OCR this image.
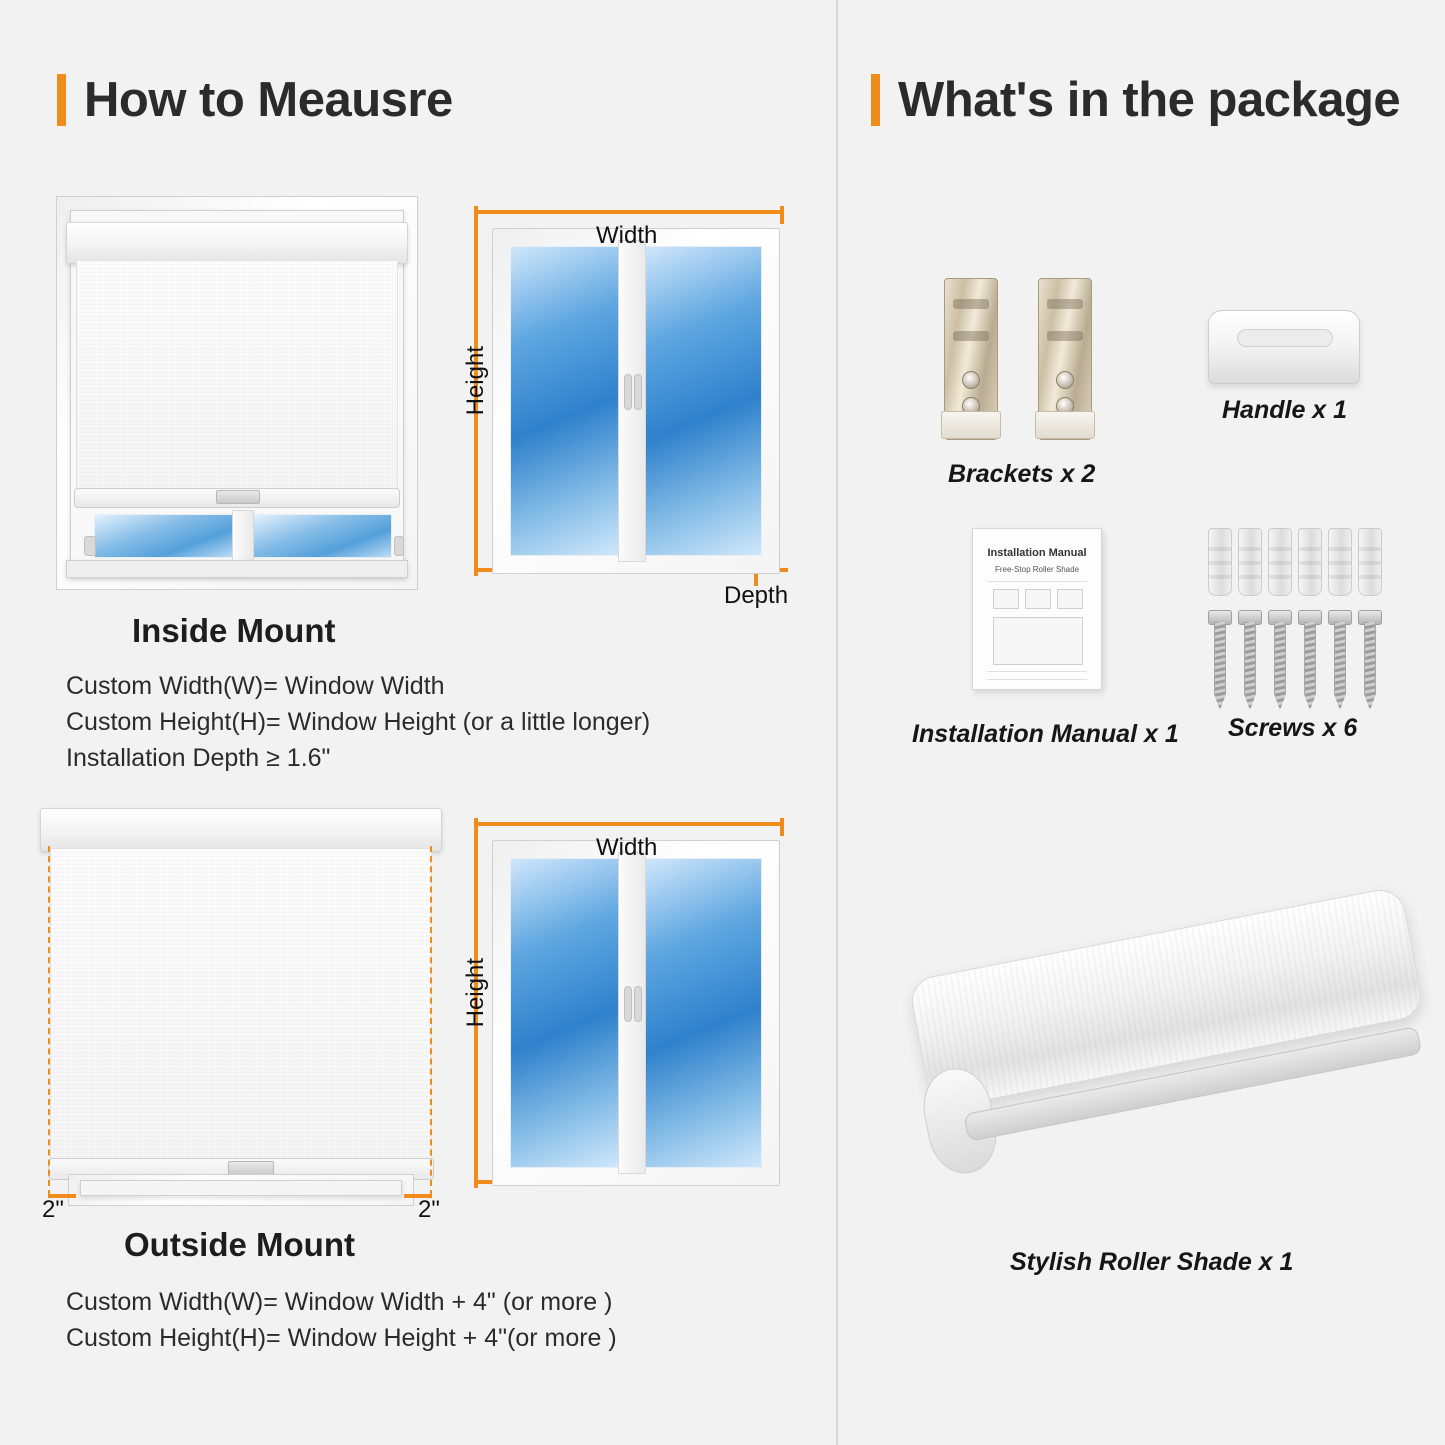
How to Meausre	What's in the package
Width
Height
Depth
Inside Mount
Custom Width(W)= Window Width
Custom Height(H)= Window Height (or a little longer)
Installation Depth ≥ 1.6"
2"	2"
Width
Height
Outside Mount
Custom Width(W)= Window Width + 4" (or more )
Custom Height(H)= Window Height + 4"(or more )
Brackets x 2
Handle x 1
Installation Manual
Free-Stop Roller Shade
Installation Manual x 1 Screws x 6
Stylish Roller Shade x 1
